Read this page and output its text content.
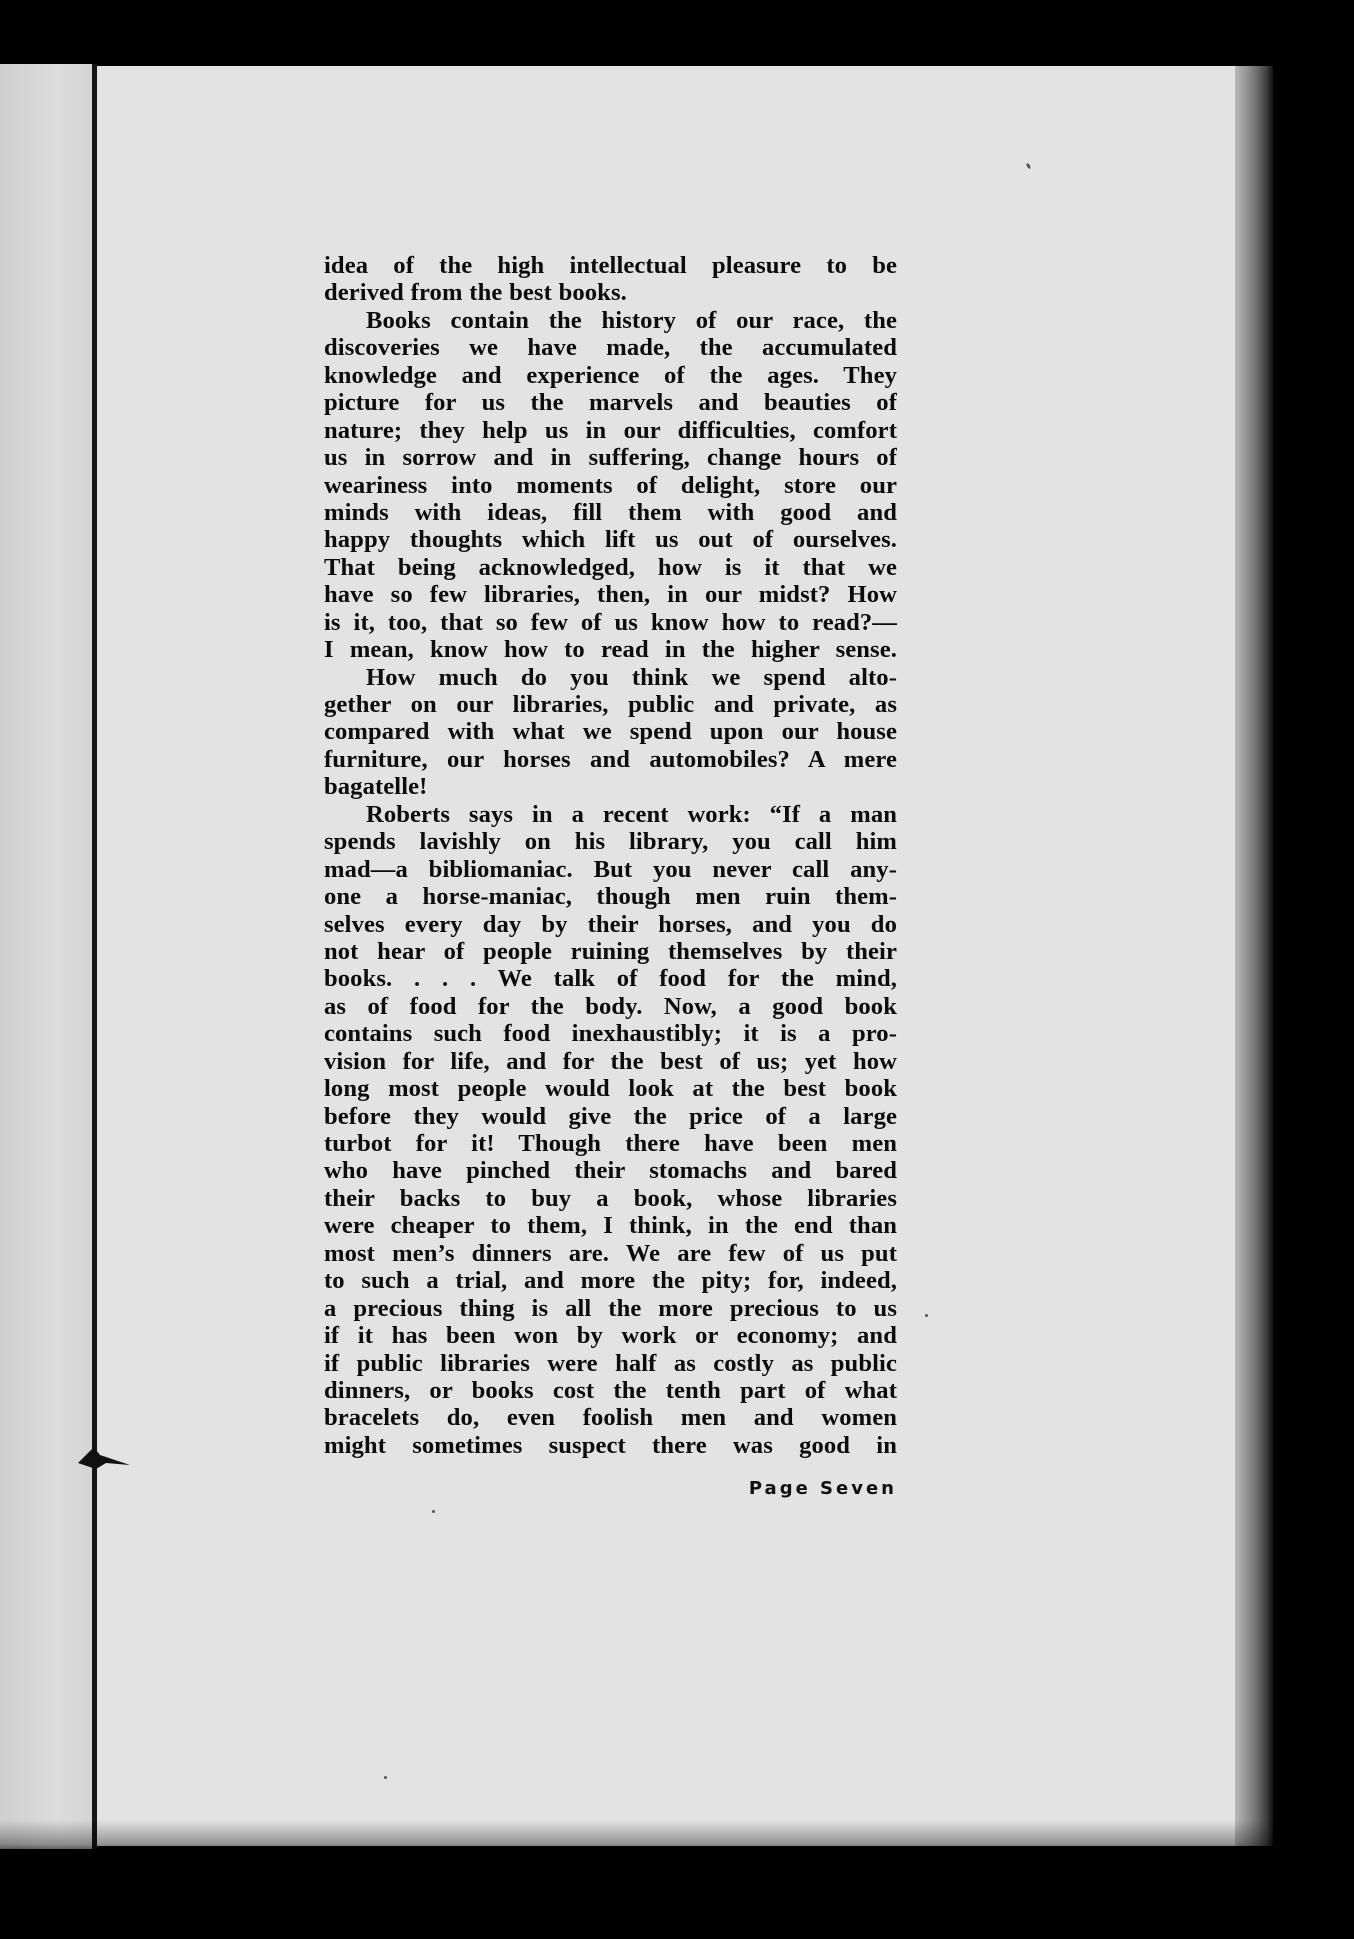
idea of the high intellectual pleasure to be
derived from the best books.
Books contain the history of our race, the
discoveries we have made, the accumulated
knowledge and experience of the ages. They
picture for us the marvels and beauties of
nature; they help us in our difficulties, comfort
us in sorrow and in suffering, change hours of
weariness into moments of delight, store our
minds with ideas, fill them with good and
happy thoughts which lift us out of ourselves.
That being acknowledged, how is it that we
have so few libraries, then, in our midst? How
is it, too, that so few of us know how to read?—
I mean, know how to read in the higher sense.
How much do you think we spend alto-
gether on our libraries, public and private, as
compared with what we spend upon our house
furniture, our horses and automobiles? A mere
bagatelle!
Roberts says in a recent work: “If a man
spends lavishly on his library, you call him
mad—a bibliomaniac. But you never call any-
one a horse-maniac, though men ruin them-
selves every day by their horses, and you do
not hear of people ruining themselves by their
books. . . . We talk of food for the mind,
as of food for the body. Now, a good book
contains such food inexhaustibly; it is a pro-
vision for life, and for the best of us; yet how
long most people would look at the best book
before they would give the price of a large
turbot for it! Though there have been men
who have pinched their stomachs and bared
their backs to buy a book, whose libraries
were cheaper to them, I think, in the end than
most men’s dinners are. We are few of us put
to such a trial, and more the pity; for, indeed,
a precious thing is all the more precious to us
if it has been won by work or economy; and
if public libraries were half as costly as public
dinners, or books cost the tenth part of what
bracelets do, even foolish men and women
might sometimes suspect there was good in
Page Seven
